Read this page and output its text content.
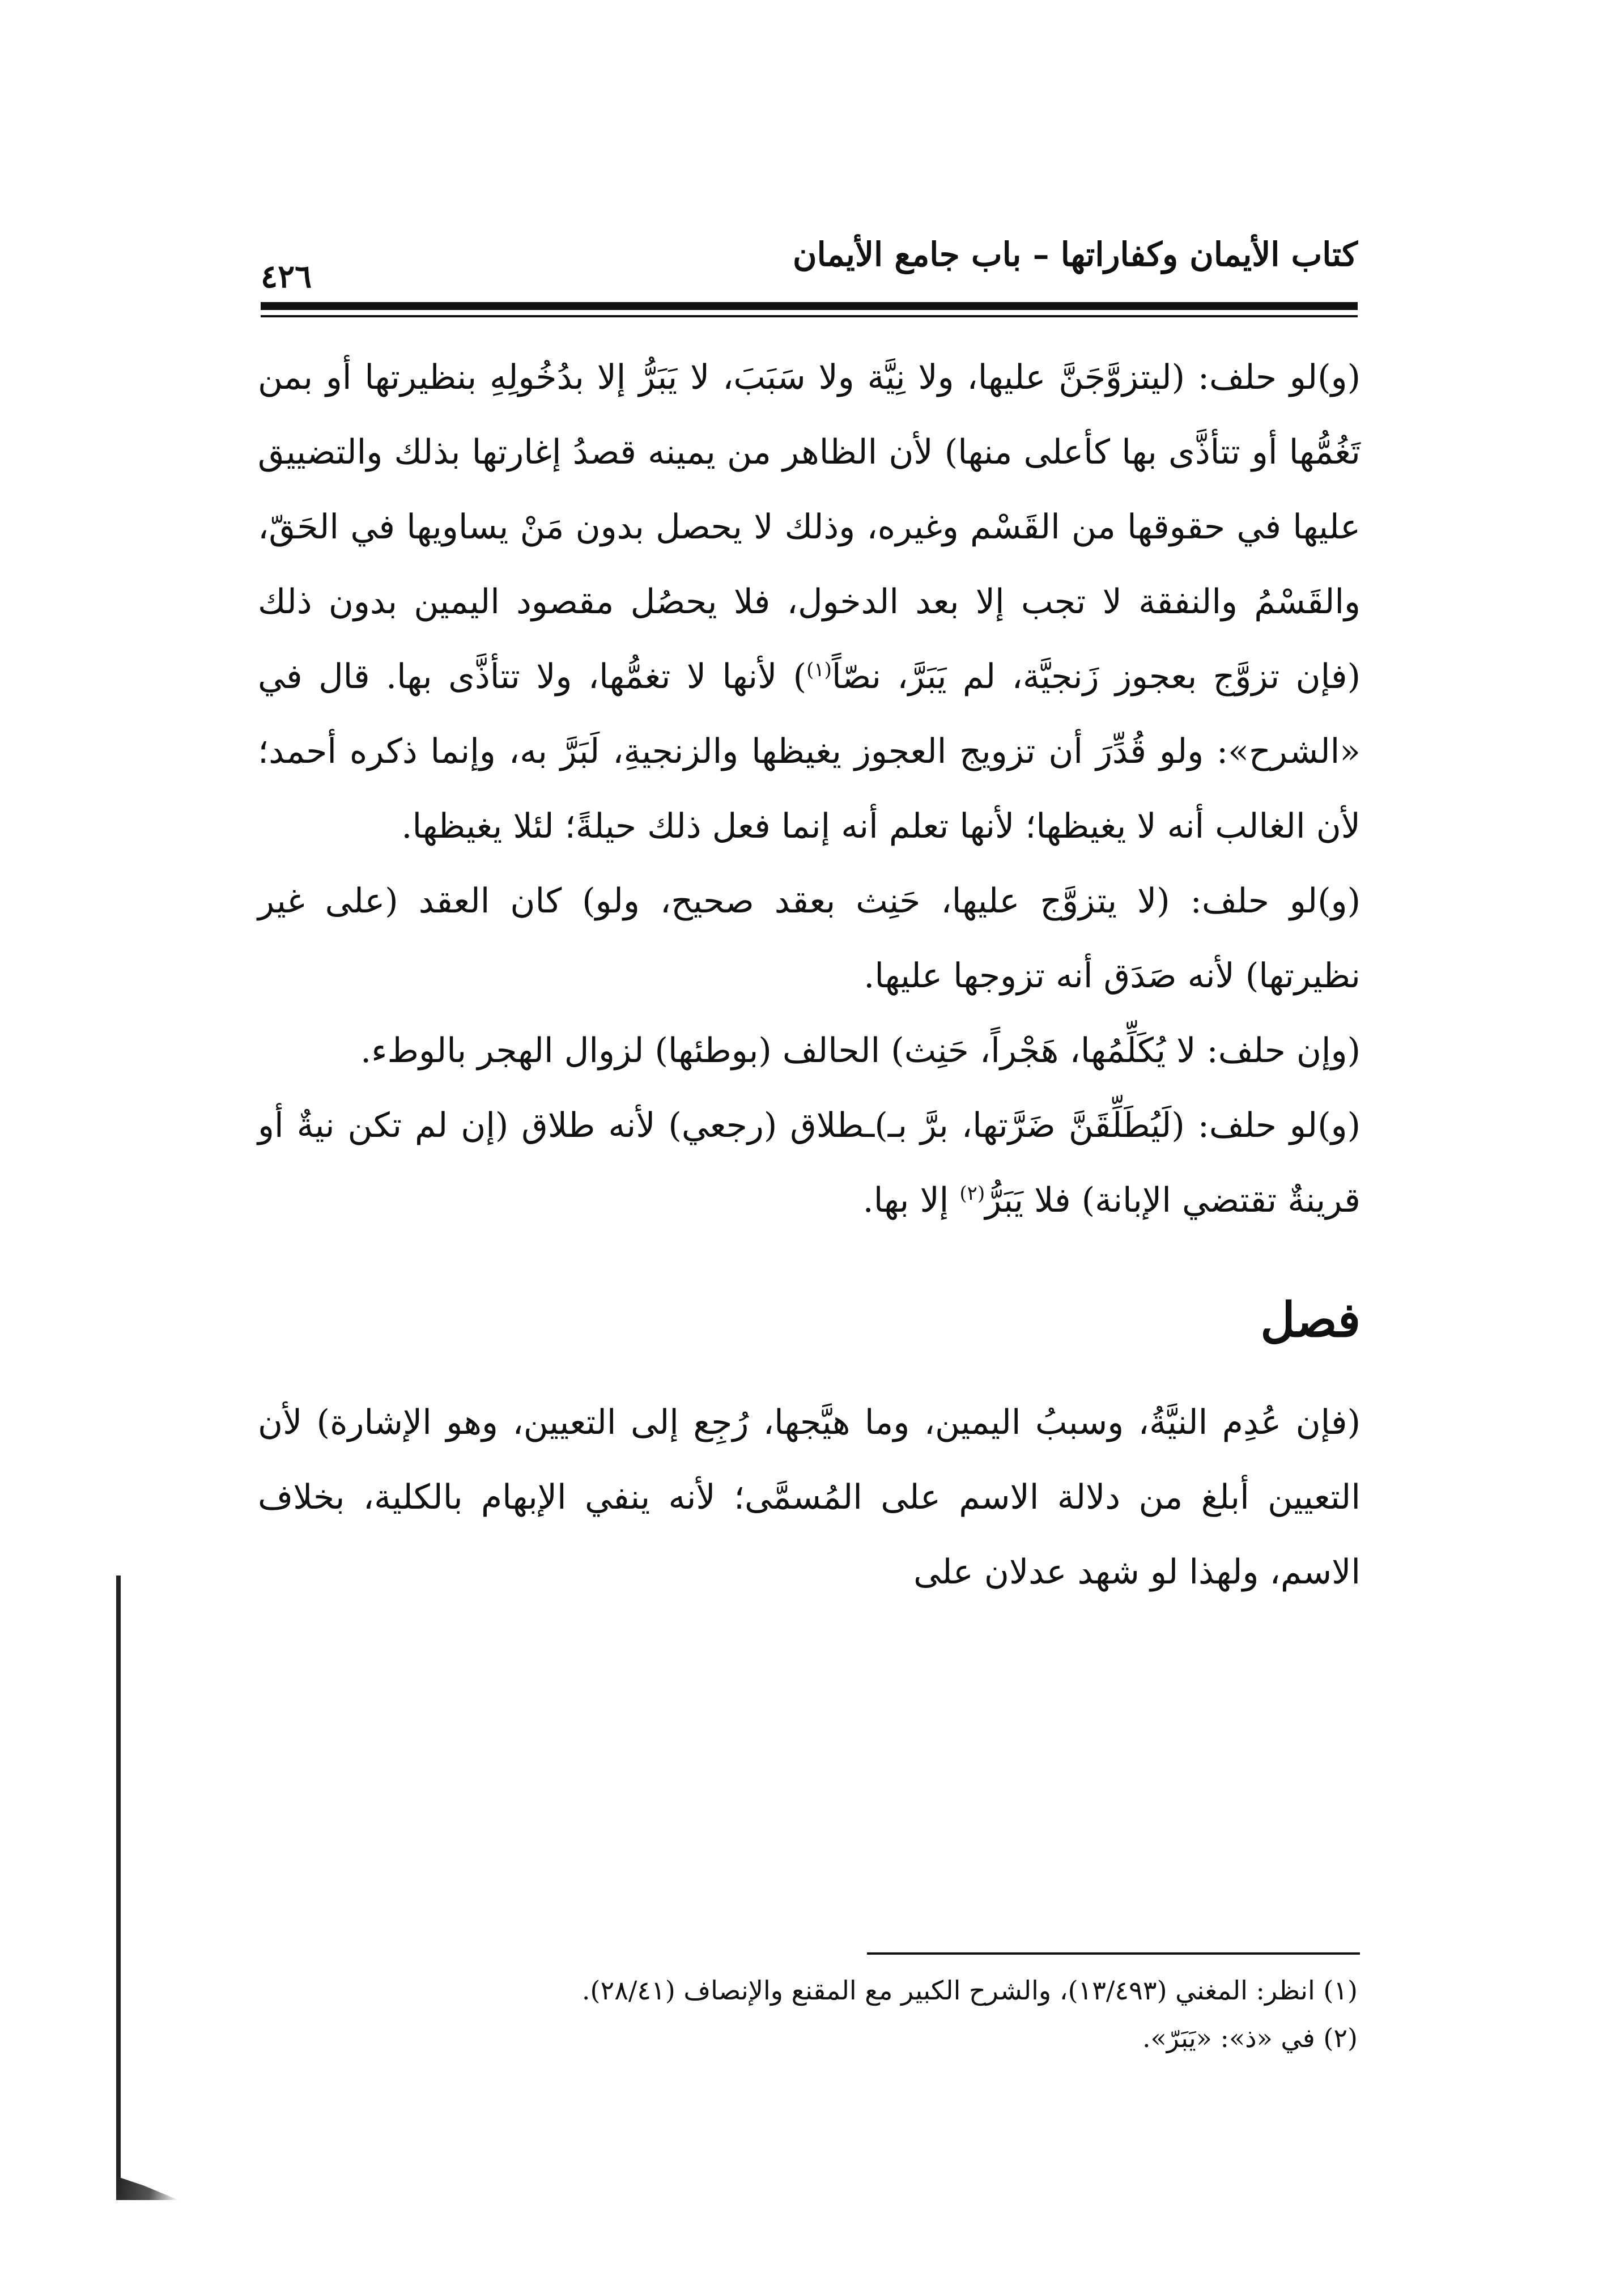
كتاب الأيمان وكفاراتها – باب جامع الأيمان
٤٢٦

(و)لو حلف: (ليتزوَّجَنَّ عليها، ولا نِيَّة ولا سَبَبَ، لا يَبَرُّ إلا بدُخُولِهِ بنظيرتها أو بمن تَغُمُّها أو تتأذَّى بها كأعلى منها) لأن الظاهر من يمينه قصدُ إغارتها بذلك والتضييق عليها في حقوقها من القَسْم وغيره، وذلك لا يحصل بدون مَنْ يساويها في الحَقّ، والقَسْمُ والنفقة لا تجب إلا بعد الدخول، فلا يحصُل مقصود اليمين بدون ذلك (فإن تزوَّج بعجوز زَنجيَّة، لم يَبَرَّ، نصّاً$^{(١)}$) لأنها لا تغمُّها، ولا تتأذَّى بها. قال في «الشرح»: ولو قُدِّرَ أن تزويج العجوز يغيظها والزنجيةِ، لَبَرَّ به، وإنما ذكره أحمد؛ لأن الغالب أنه لا يغيظها؛ لأنها تعلم أنه إنما فعل ذلك حيلةً؛ لئلا يغيظها.

(و)لو حلف: (لا يتزوَّج عليها، حَنِث بعقد صحيح، ولو) كان العقد (على غير نظيرتها) لأنه صَدَق أنه تزوجها عليها.

(وإن حلف: لا يُكَلِّمُها، هَجْراً، حَنِث) الحالف (بوطئها) لزوال الهجر بالوطء.

(و)لو حلف: (لَيُطَلِّقَنَّ ضَرَّتها، برَّ بـ)ـطلاق (رجعي) لأنه طلاق (إن لم تكن نيةٌ أو قرينةٌ تقتضي الإبانة) فلا يَبَرُّ$^{(٢)}$ إلا بها.

فصل

(فإن عُدِم النيَّةُ، وسببُ اليمين، وما هيَّجها، رُجِع إلى التعيين، وهو الإشارة) لأن التعيين أبلغ من دلالة الاسم على المُسمَّى؛ لأنه ينفي الإبهام بالكلية، بخلاف الاسم، ولهذا لو شهد عدلان على

(١) انظر: المغني (١٣/٤٩٣)، والشرح الكبير مع المقنع والإنصاف (٢٨/٤١).

(٢) في «ذ»: «يَبَرّ».
